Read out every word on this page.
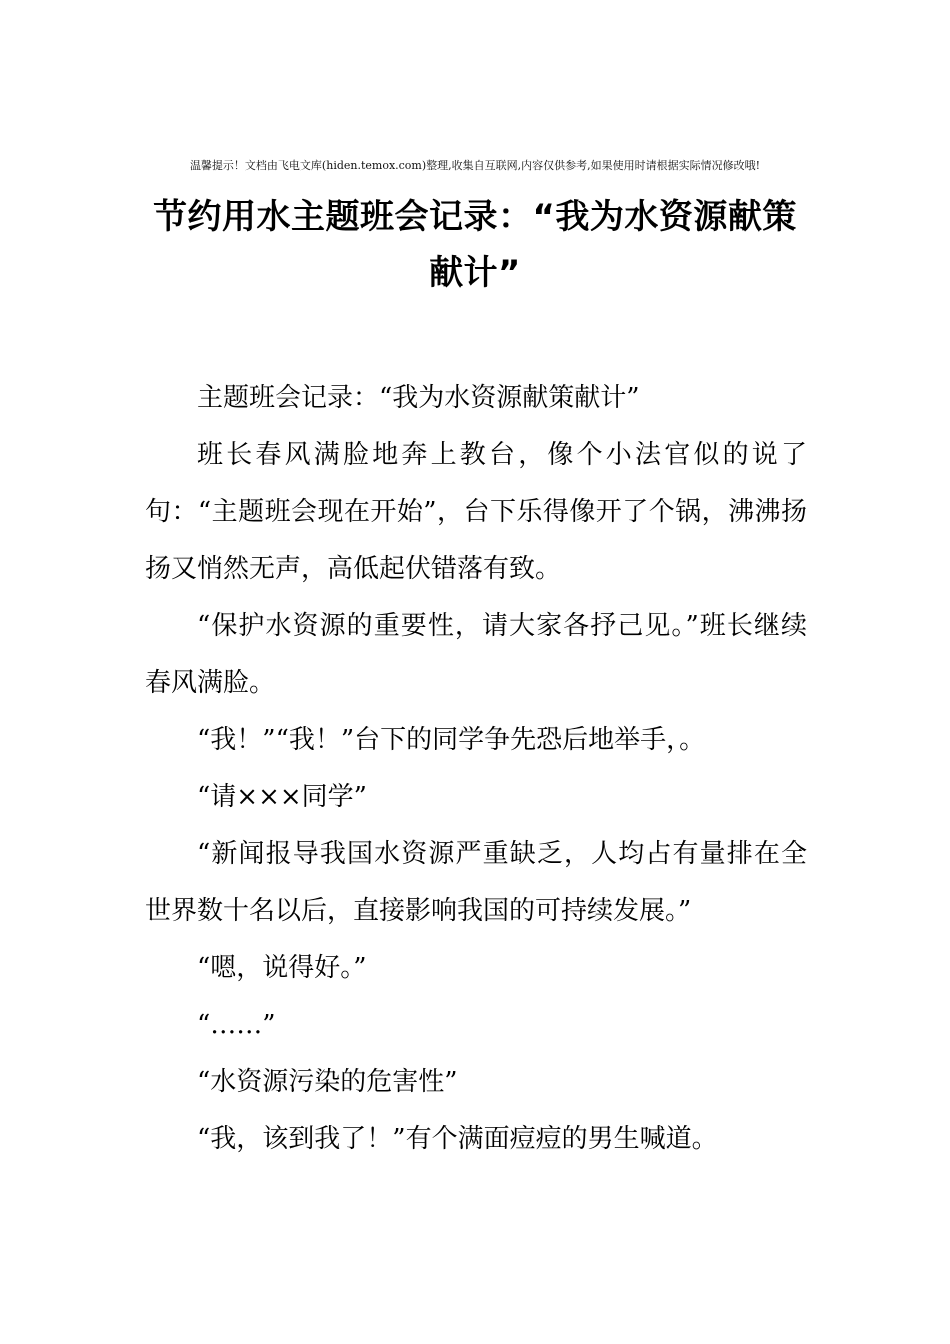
温馨提示！文档由飞电文库(hiden.temox.com)整理,收集自互联网,内容仅供参考,如果使用时请根据实际情况修改哦!
节约用水主题班会记录：“我为水资源献策献计”

主题班会记录：“我为水资源献策献计”

班长春风满脸地奔上教台，像个小法官似的说了句：“主题班会现在开始”，台下乐得像开了个锅，沸沸扬扬又悄然无声，高低起伏错落有致。

“保护水资源的重要性，请大家各抒己见。”班长继续春风满脸。

“我！”“我！”台下的同学争先恐后地举手，。

“请×××同学”

“新闻报导我国水资源严重缺乏，人均占有量排在全世界数十名以后，直接影响我国的可持续发展。”

“嗯，说得好。”

“……”

“水资源污染的危害性”

“我，该到我了！”有个满面痘痘的男生喊道。
